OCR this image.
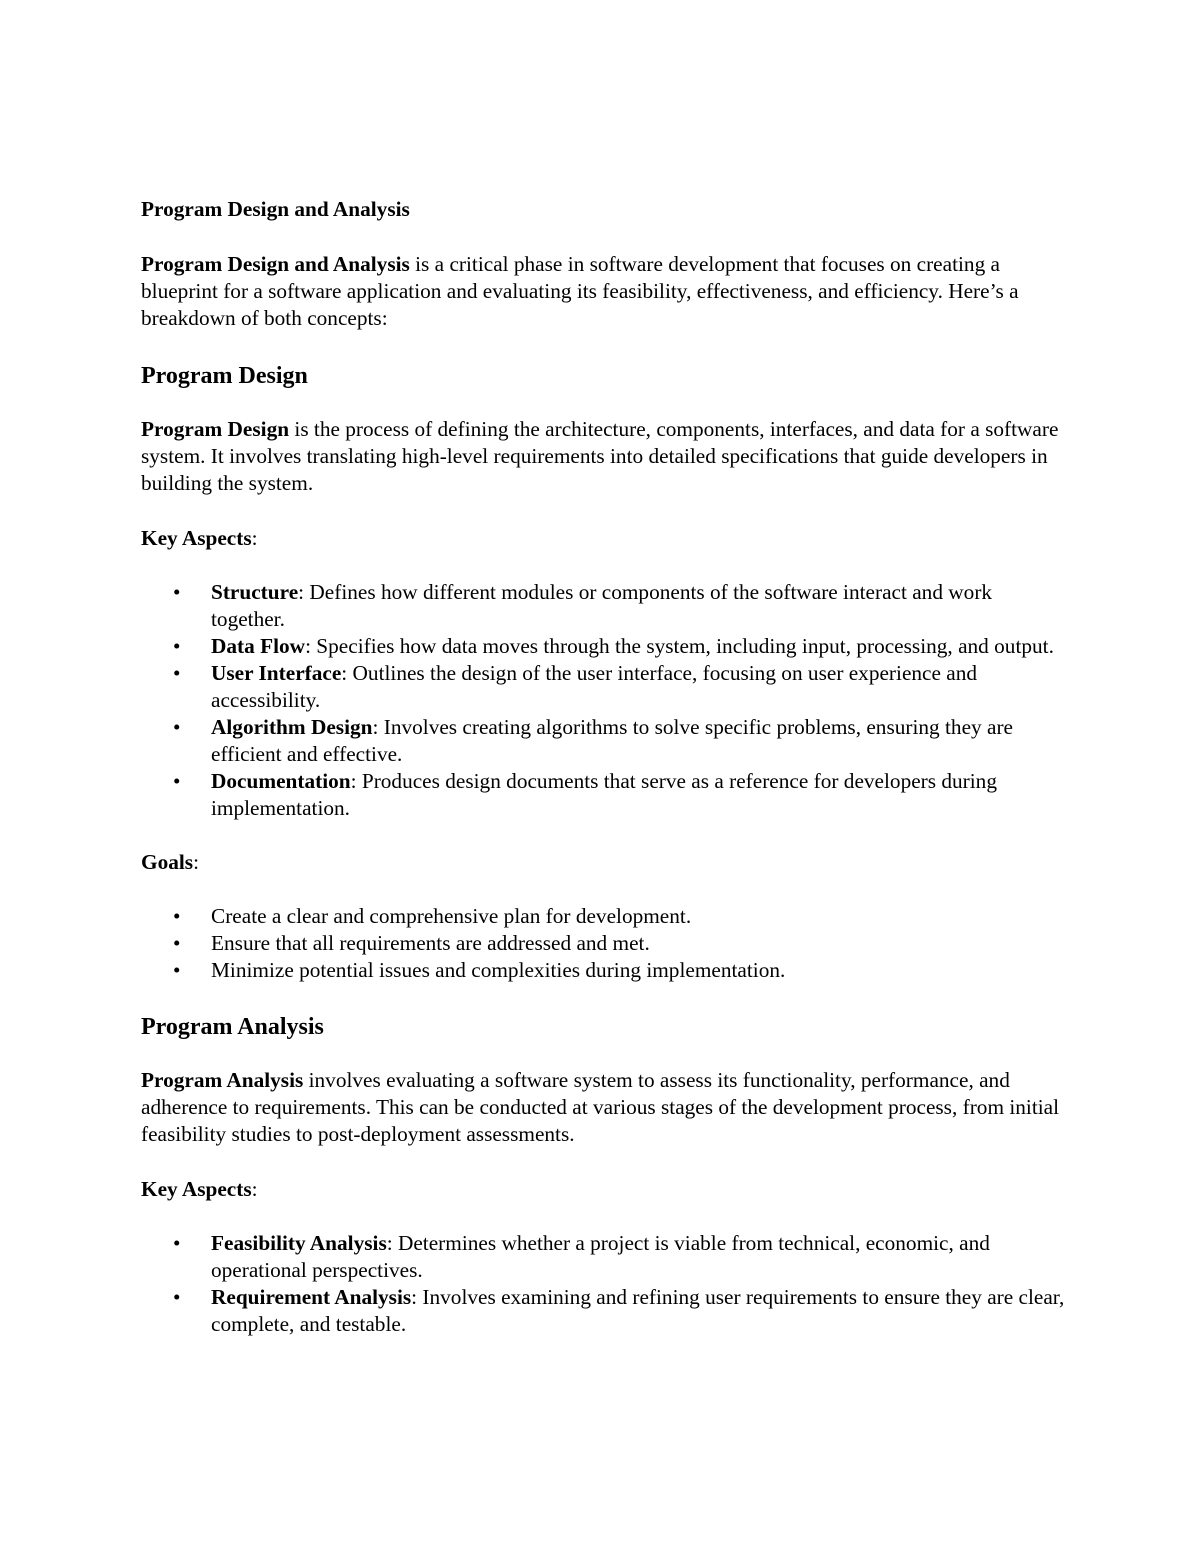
Program Design and Analysis

Program Design and Analysis is a critical phase in software development that focuses on creating a blueprint for a software application and evaluating its feasibility, effectiveness, and efficiency. Here’s a breakdown of both concepts:

Program Design

Program Design is the process of defining the architecture, components, interfaces, and data for a software system. It involves translating high-level requirements into detailed specifications that guide developers in building the system.

Key Aspects:

• Structure: Defines how different modules or components of the software interact and work together.
• Data Flow: Specifies how data moves through the system, including input, processing, and output.
• User Interface: Outlines the design of the user interface, focusing on user experience and accessibility.
• Algorithm Design: Involves creating algorithms to solve specific problems, ensuring they are efficient and effective.
• Documentation: Produces design documents that serve as a reference for developers during implementation.

Goals:

• Create a clear and comprehensive plan for development.
• Ensure that all requirements are addressed and met.
• Minimize potential issues and complexities during implementation.
Program Analysis

Program Analysis involves evaluating a software system to assess its functionality, performance, and adherence to requirements. This can be conducted at various stages of the development process, from initial feasibility studies to post-deployment assessments.

Key Aspects:

• Feasibility Analysis: Determines whether a project is viable from technical, economic, and operational perspectives.
• Requirement Analysis: Involves examining and refining user requirements to ensure they are clear, complete, and testable.
